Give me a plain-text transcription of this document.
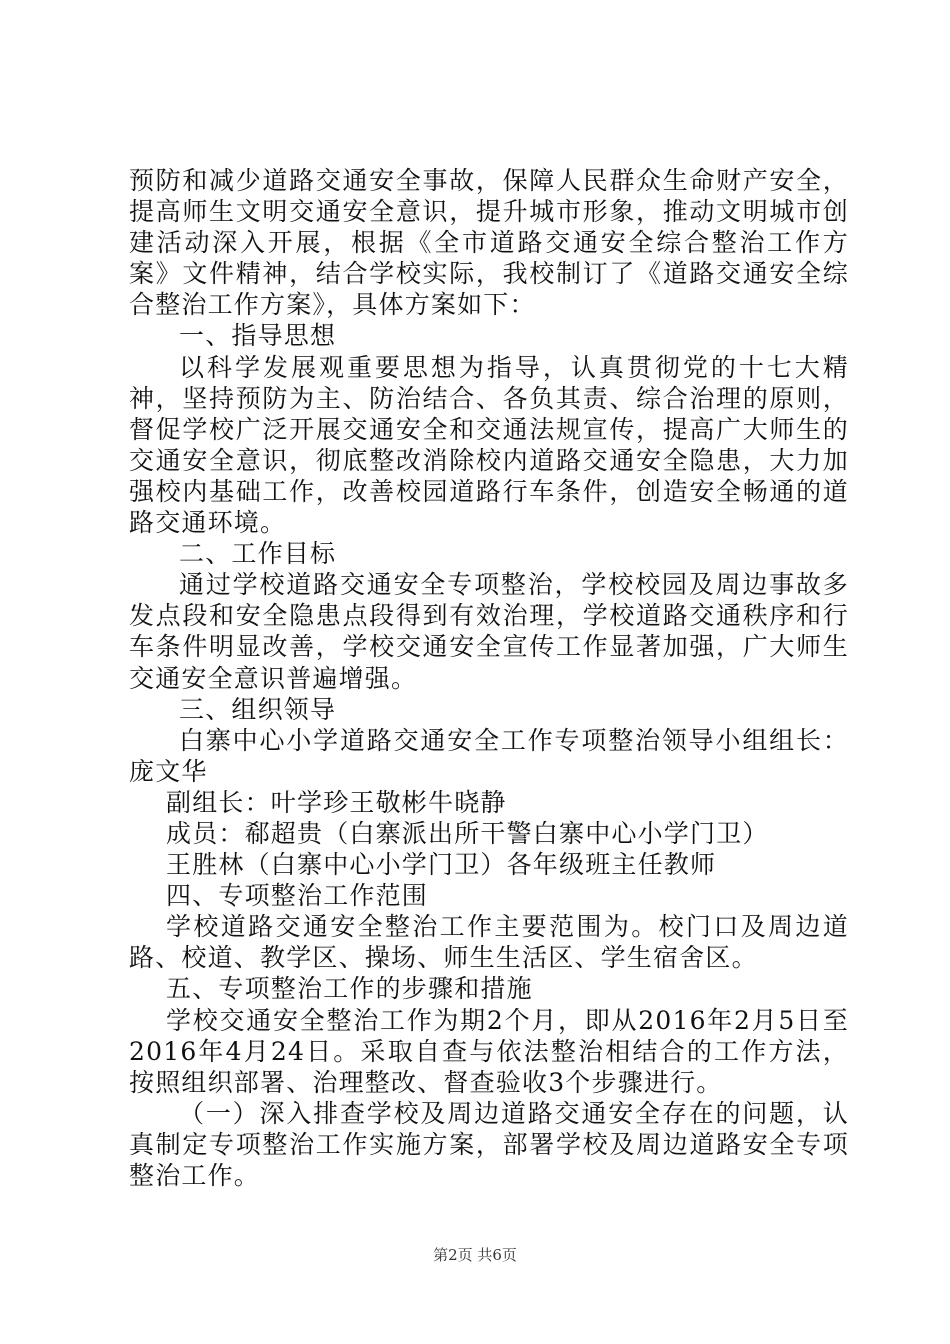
预防和减少道路交通安全事故，保障人民群众生命财产安全，提高师生文明交通安全意识，提升城市形象，推动文明城市创建活动深入开展，根据《全市道路交通安全综合整治工作方案》文件精神，结合学校实际，我校制订了《道路交通安全综合整治工作方案》，具体方案如下：

一、指导思想

以科学发展观重要思想为指导，认真贯彻党的十七大精神，坚持预防为主、防治结合、各负其责、综合治理的原则，督促学校广泛开展交通安全和交通法规宣传，提高广大师生的交通安全意识，彻底整改消除校内道路交通安全隐患，大力加强校内基础工作，改善校园道路行车条件，创造安全畅通的道路交通环境。

二、工作目标

通过学校道路交通安全专项整治，学校校园及周边事故多发点段和安全隐患点段得到有效治理，学校道路交通秩序和行车条件明显改善，学校交通安全宣传工作显著加强，广大师生交通安全意识普遍增强。

三、组织领导

白寨中心小学道路交通安全工作专项整治领导小组组长：庞文华

副组长：叶学珍王敬彬牛晓静

成员：郗超贵（白寨派出所干警白寨中心小学门卫）

王胜林（白寨中心小学门卫）各年级班主任教师

四、专项整治工作范围

学校道路交通安全整治工作主要范围为。校门口及周边道路、校道、教学区、操场、师生生活区、学生宿舍区。

五、专项整治工作的步骤和措施

学校交通安全整治工作为期2个月，即从2016年2月5日至2016年4月24日。采取自查与依法整治相结合的工作方法，按照组织部署、治理整改、督查验收3个步骤进行。

（一）深入排查学校及周边道路交通安全存在的问题，认真制定专项整治工作实施方案，部署学校及周边道路安全专项整治工作。

第2页 共6页
